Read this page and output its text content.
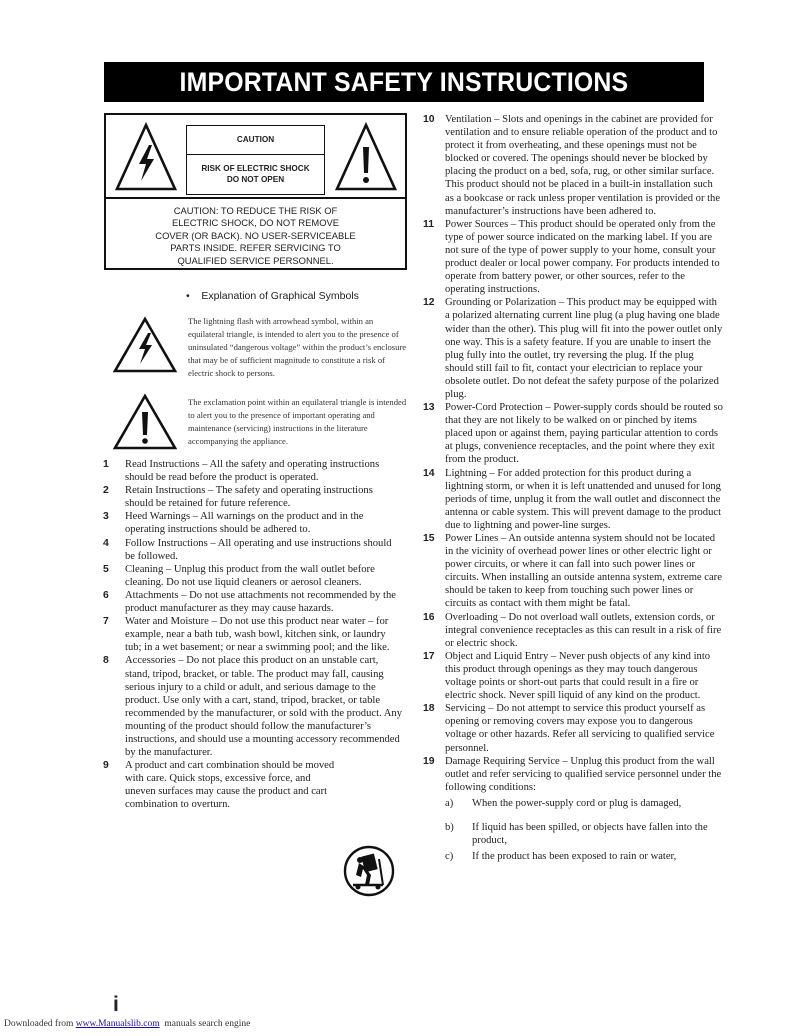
IMPORTANT SAFETY INSTRUCTIONS
CAUTION
RISK OF ELECTRIC SHOCK
DO NOT OPEN
CAUTION: TO REDUCE THE RISK OF
ELECTRIC SHOCK, DO NOT REMOVE
COVER (OR BACK). NO USER-SERVICEABLE
PARTS INSIDE. REFER SERVICING TO
QUALIFIED SERVICE PERSONNEL.
•    Explanation of Graphical Symbols
The lightning flash with arrowhead symbol, within an equilateral triangle, is intended to alert you to the presence of uninsulated “dangerous voltage” within the product’s enclosure that may be of sufficient magnitude to constitute a risk of electric shock to persons.
The exclamation point within an equilateral triangle is intended to alert you to the presence of important operating and maintenance (servicing) instructions in the literature accompanying the appliance.

1 Read Instructions – All the safety and operating instructions should be read before the product is operated.

2 Retain Instructions – The safety and operating instructions should be retained for future reference.

3 Heed Warnings – All warnings on the product and in the operating instructions should be adhered to.

4 Follow Instructions – All operating and use instructions should be followed.

5 Cleaning – Unplug this product from the wall outlet before cleaning. Do not use liquid cleaners or aerosol cleaners.

6 Attachments – Do not use attachments not recommended by the product manufacturer as they may cause hazards.

7 Water and Moisture – Do not use this product near water – for example, near a bath tub, wash bowl, kitchen sink, or laundry tub; in a wet basement; or near a swimming pool; and the like.

8 Accessories – Do not place this product on an unstable cart, stand, tripod, bracket, or table. The product may fall, causing serious injury to a child or adult, and serious damage to the product. Use only with a cart, stand, tripod, bracket, or table recommended by the manufacturer, or sold with the product. Any mounting of the product should follow the manufacturer’s instructions, and should use a mounting accessory recommended by the manufacturer.

9 A product and cart combination should be moved with care. Quick stops, excessive force, and uneven surfaces may cause the product and cart combination to overturn.

10 Ventilation – Slots and openings in the cabinet are provided for ventilation and to ensure reliable operation of the product and to protect it from overheating, and these openings must not be blocked or covered. The openings should never be blocked by placing the product on a bed, sofa, rug, or other similar surface. This product should not be placed in a built-in installation such as a bookcase or rack unless proper ventilation is provided or the manufacturer’s instructions have been adhered to.

11 Power Sources – This product should be operated only from the type of power source indicated on the marking label. If you are not sure of the type of power supply to your home, consult your product dealer or local power company. For products intended to operate from battery power, or other sources, refer to the operating instructions.

12 Grounding or Polarization – This product may be equipped with a polarized alternating current line plug (a plug having one blade wider than the other). This plug will fit into the power outlet only one way. This is a safety feature. If you are unable to insert the plug fully into the outlet, try reversing the plug. If the plug should still fail to fit, contact your electrician to replace your obsolete outlet. Do not defeat the safety purpose of the polarized plug.

13 Power-Cord Protection – Power-supply cords should be routed so that they are not likely to be walked on or pinched by items placed upon or against them, paying particular attention to cords at plugs, convenience receptacles, and the point where they exit from the product.

14 Lightning – For added protection for this product during a lightning storm, or when it is left unattended and unused for long periods of time, unplug it from the wall outlet and disconnect the antenna or cable system. This will prevent damage to the product due to lightning and power-line surges.

15 Power Lines – An outside antenna system should not be located in the vicinity of overhead power lines or other electric light or power circuits, or where it can fall into such power lines or circuits. When installing an outside antenna system, extreme care should be taken to keep from touching such power lines or circuits as contact with them might be fatal.

16 Overloading – Do not overload wall outlets, extension cords, or integral convenience receptacles as this can result in a risk of fire or electric shock.

17 Object and Liquid Entry – Never push objects of any kind into this product through openings as they may touch dangerous voltage points or short-out parts that could result in a fire or electric shock. Never spill liquid of any kind on the product.

18 Servicing – Do not attempt to service this product yourself as opening or removing covers may expose you to dangerous voltage or other hazards. Refer all servicing to qualified service personnel.

19 Damage Requiring Service – Unplug this product from the wall outlet and refer servicing to qualified service personnel under the following conditions:

a) When the power-supply cord or plug is damaged,

b) If liquid has been spilled, or objects have fallen into the product,

c) If the product has been exposed to rain or water,

i
Downloaded from www.Manualslib.com  manuals search engine
